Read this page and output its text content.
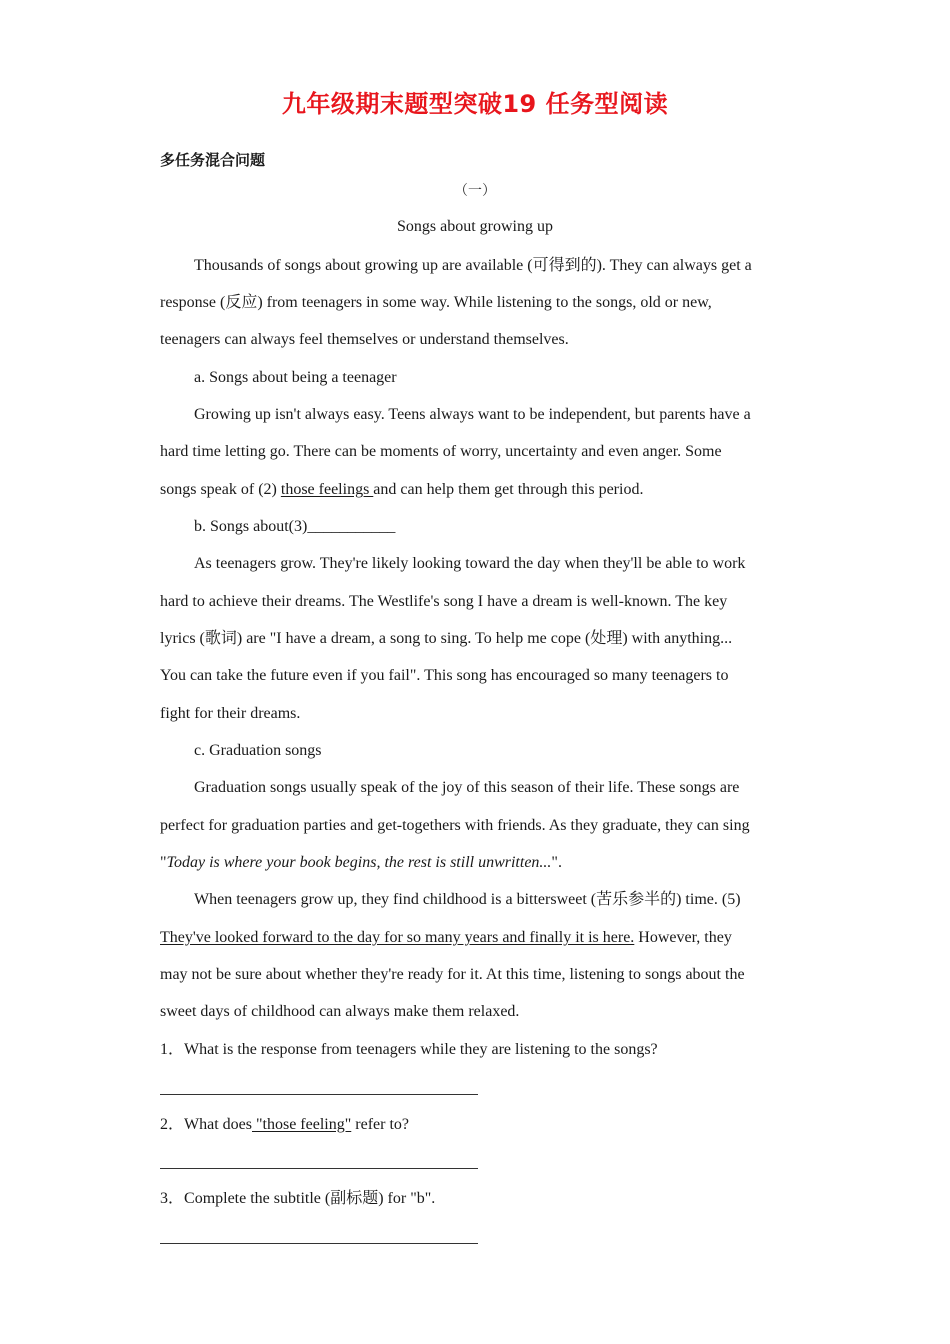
九年级期末题型突破19 任务型阅读
多任务混合问题
（一）
Songs about growing up
Thousands of songs about growing up are available (可得到的). They can always get a
response (反应) from teenagers in some way. While listening to the songs, old or new,
teenagers can always feel themselves or understand themselves.
a. Songs about being a teenager
Growing up isn't always easy. Teens always want to be independent, but parents have a
hard time letting go. There can be moments of worry, uncertainty and even anger. Some
songs speak of (2) those feelings and can help them get through this period.
b. Songs about(3)___________
As teenagers grow. They're likely looking toward the day when they'll be able to work
hard to achieve their dreams. The Westlife's song I have a dream is well-known. The key
lyrics (歌词) are "I have a dream, a song to sing. To help me cope (处理) with anything...
You can take the future even if you fail". This song has encouraged so many teenagers to
fight for their dreams.
c. Graduation songs
Graduation songs usually speak of the joy of this season of their life. These songs are
perfect for graduation parties and get-togethers with friends. As they graduate, they can sing
"Today is where your book begins, the rest is still unwritten...".
When teenagers grow up, they find childhood is a bittersweet (苦乐参半的) time. (5)
They've looked forward to the day for so many years and finally it is here. However, they
may not be sure about whether they're ready for it. At this time, listening to songs about the
sweet days of childhood can always make them relaxed.
1．What is the response from teenagers while they are listening to the songs?
2．What does "those feeling" refer to?
3．Complete the subtitle (副标题) for "b".
